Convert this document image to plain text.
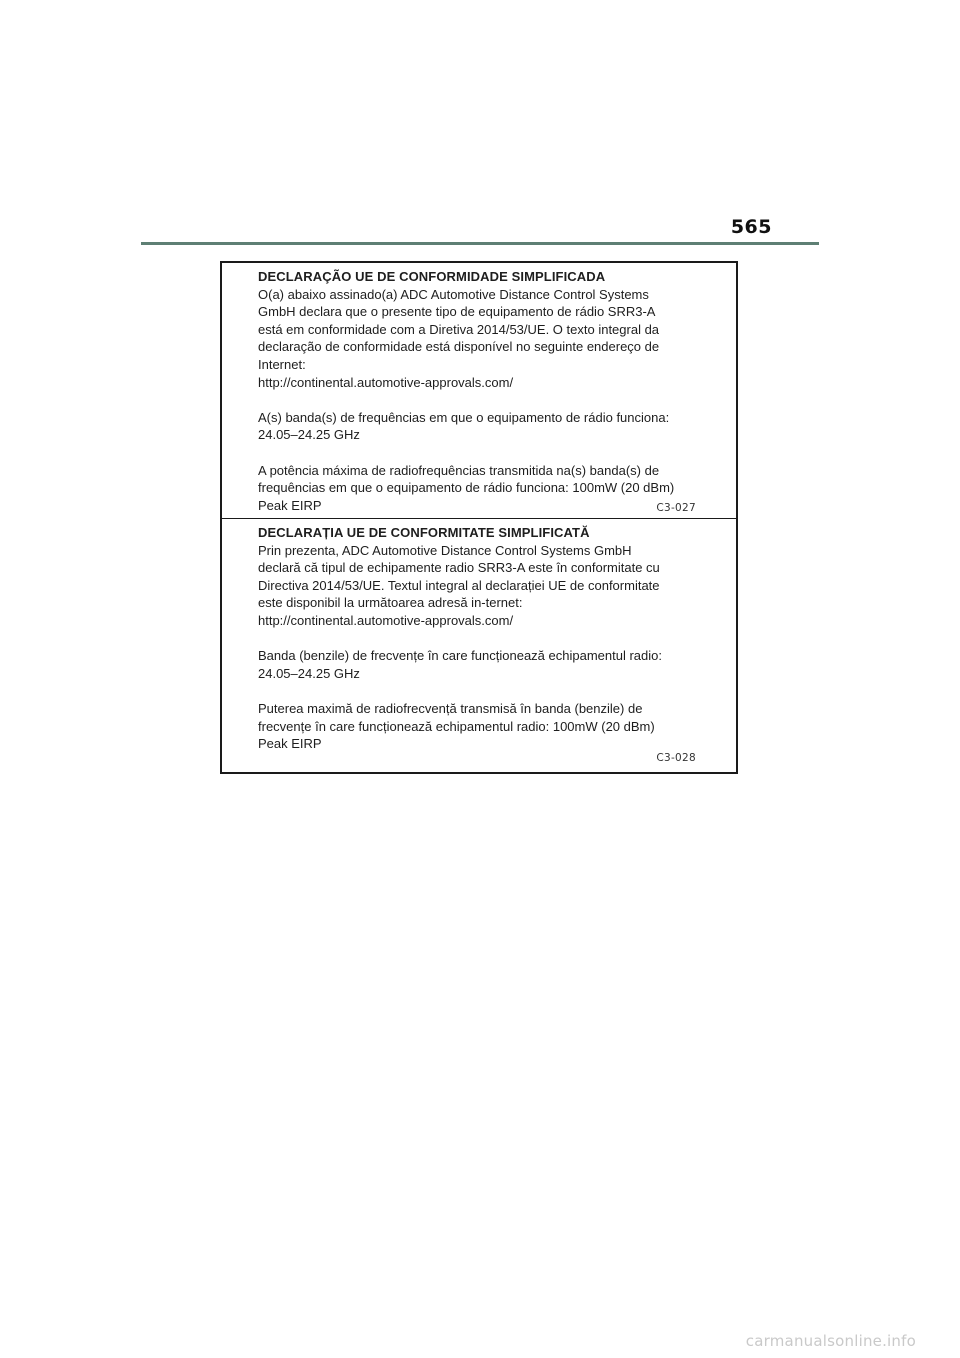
565

DECLARAÇÃO UE DE CONFORMIDADE SIMPLIFICADA

O(a) abaixo assinado(a) ADC Automotive Distance Control Systems

GmbH declara que o presente tipo de equipamento de rádio SRR3-A

está em conformidade com a Diretiva 2014/53/UE. O texto integral da

declaração de conformidade está disponível no seguinte endereço de

Internet:

http://continental.automotive-approvals.com/

A(s) banda(s) de frequências em que o equipamento de rádio funciona:

24.05–24.25 GHz

A potência máxima de radiofrequências transmitida na(s) banda(s) de

frequências em que o equipamento de rádio funciona: 100mW (20 dBm)

Peak EIRP	C3-027

DECLARAȚIA UE DE CONFORMITATE SIMPLIFICATĂ

Prin prezenta, ADC Automotive Distance Control Systems GmbH

declară că tipul de echipamente radio SRR3-A este în conformitate cu

Directiva 2014/53/UE. Textul integral al declarației UE de conformitate

este disponibil la următoarea adresă in-ternet:

http://continental.automotive-approvals.com/

Banda (benzile) de frecvențe în care funcționează echipamentul radio:

24.05–24.25 GHz

Puterea maximă de radiofrecvență transmisă în banda (benzile) de

frecvențe în care funcționează echipamentul radio: 100mW (20 dBm)

Peak EIRP

C3-028
carmanualsonline.info
